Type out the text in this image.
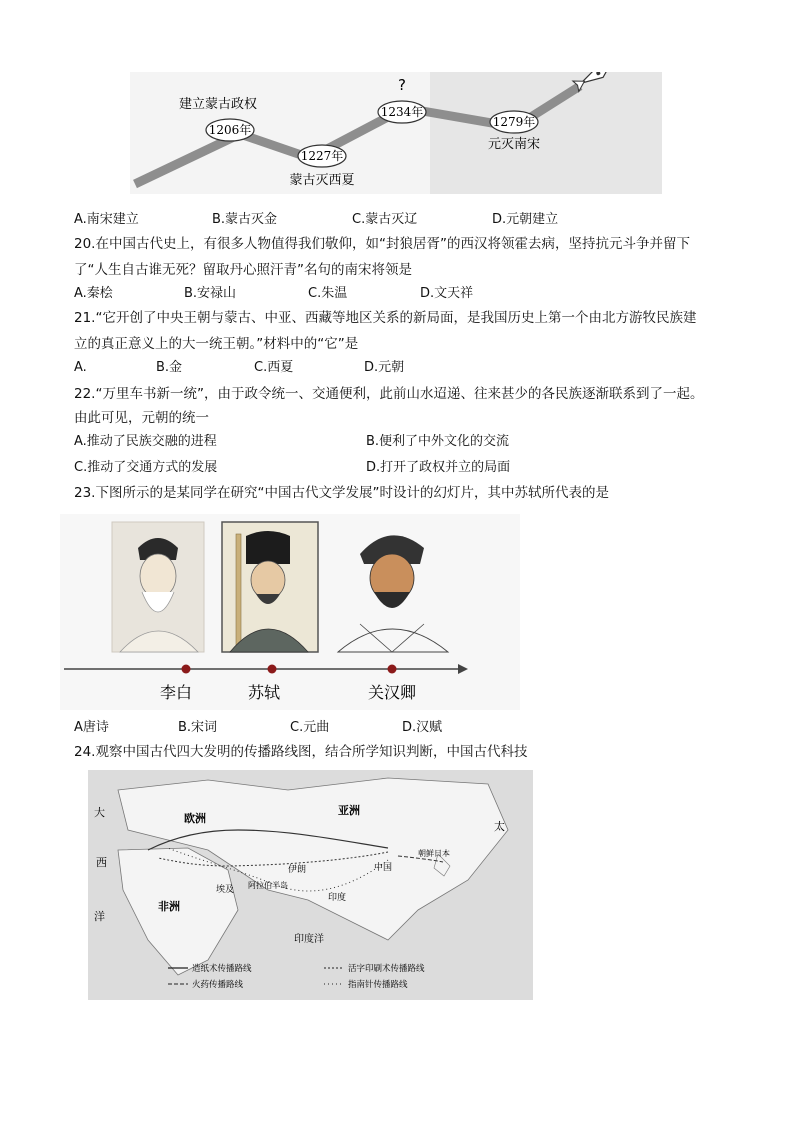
1206年
建立蒙古政权
1227年
蒙古灭西夏
1234年
?
1279年
元灭南宋
A.南宋建立	B.蒙古灭金	C.蒙古灭辽	D.元朝建立
20.在中国古代史上，有很多人物值得我们敬仰，如“封狼居胥”的西汉将领霍去病，坚持抗元斗争并留下
了“人生自古谁无死？留取丹心照汗青”名句的南宋将领是
A.秦桧	B.安禄山	C.朱温	D.文天祥
21.“它开创了中央王朝与蒙古、中亚、西藏等地区关系的新局面，是我国历史上第一个由北方游牧民族建
立的真正意义上的大一统王朝。”材料中的“它”是
A.	B.金	C.西夏	D.元朝
22.“万里车书新一统”，由于政令统一、交通便利，此前山水迢递、往来甚少的各民族逐渐联系到了一起。
由此可见，元朝的统一
A.推动了民族交融的进程	B.便利了中外文化的交流
C.推动了交通方式的发展	D.打开了政权并立的局面
23.下图所示的是某同学在研究“中国古代文学发展”时设计的幻灯片，其中苏轼所代表的是
李白	苏轼	关汉卿
A唐诗	B.宋词	C.元曲	D.汉赋
24.观察中国古代四大发明的传播路线图，结合所学知识判断，中国古代科技
亚洲
欧洲
非洲
中国
伊朗
印度
埃及 阿拉伯半岛
朝鲜日本
印度洋
大
西
洋
太
造纸术传播路线	活字印刷术传播路线
火药传播路线	指南针传播路线
